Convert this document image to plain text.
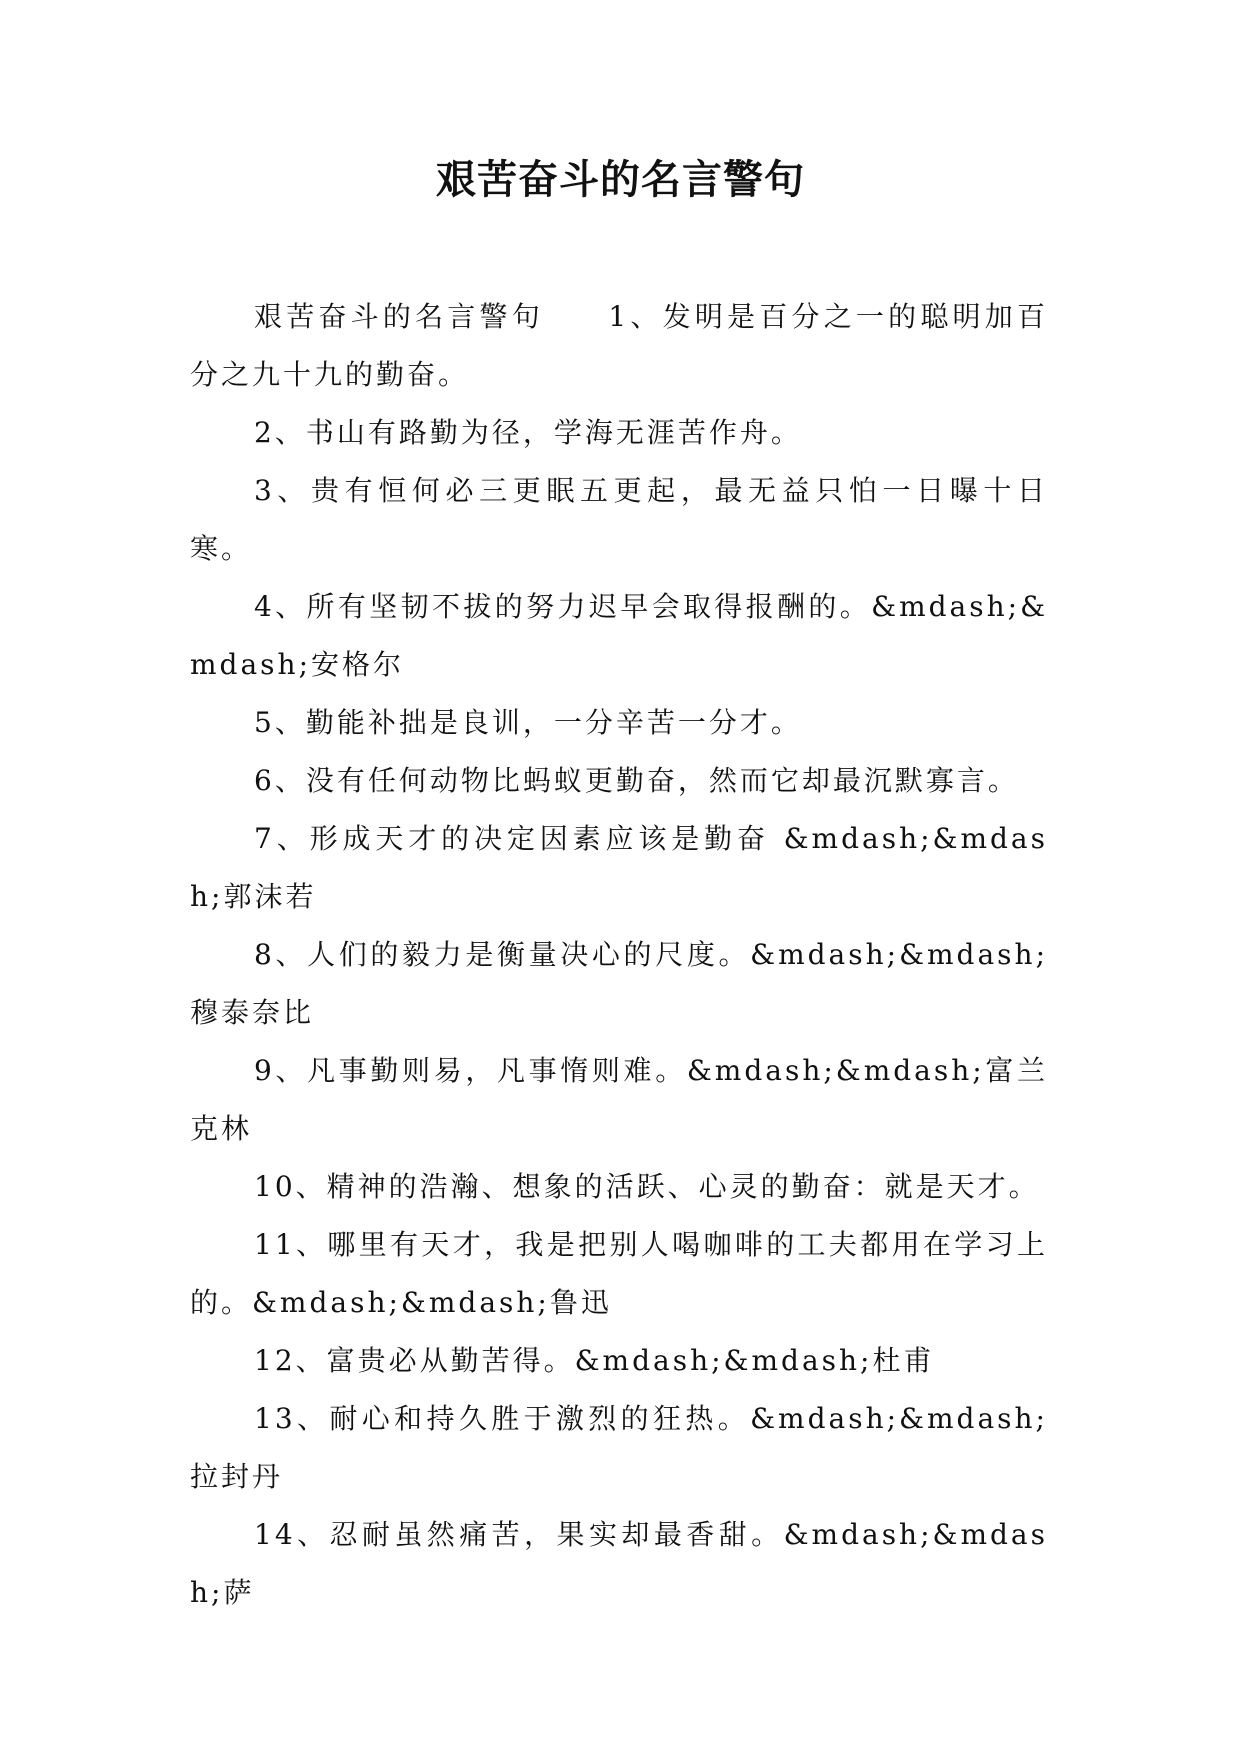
艰苦奋斗的名言警句

艰苦奋斗的名言警句　　1、发明是百分之一的聪明加百分之九十九的勤奋。

2、书山有路勤为径，学海无涯苦作舟。

3、贵有恒何必三更眠五更起，最无益只怕一日曝十日寒。

4、所有坚韧不拔的努力迟早会取得报酬的。&mdash;&mdash;安格尔

5、勤能补拙是良训，一分辛苦一分才。

6、没有任何动物比蚂蚁更勤奋，然而它却最沉默寡言。

7、形成天才的决定因素应该是勤奋 &mdash;&mdash;郭沫若

8、人们的毅力是衡量决心的尺度。&mdash;&mdash;穆泰奈比

9、凡事勤则易，凡事惰则难。&mdash;&mdash;富兰克林

10、精神的浩瀚、想象的活跃、心灵的勤奋：就是天才。

11、哪里有天才，我是把别人喝咖啡的工夫都用在学习上的。&mdash;&mdash;鲁迅

12、富贵必从勤苦得。&mdash;&mdash;杜甫

13、耐心和持久胜于激烈的狂热。&mdash;&mdash;拉封丹

14、忍耐虽然痛苦，果实却最香甜。&mdash;&mdash;萨
